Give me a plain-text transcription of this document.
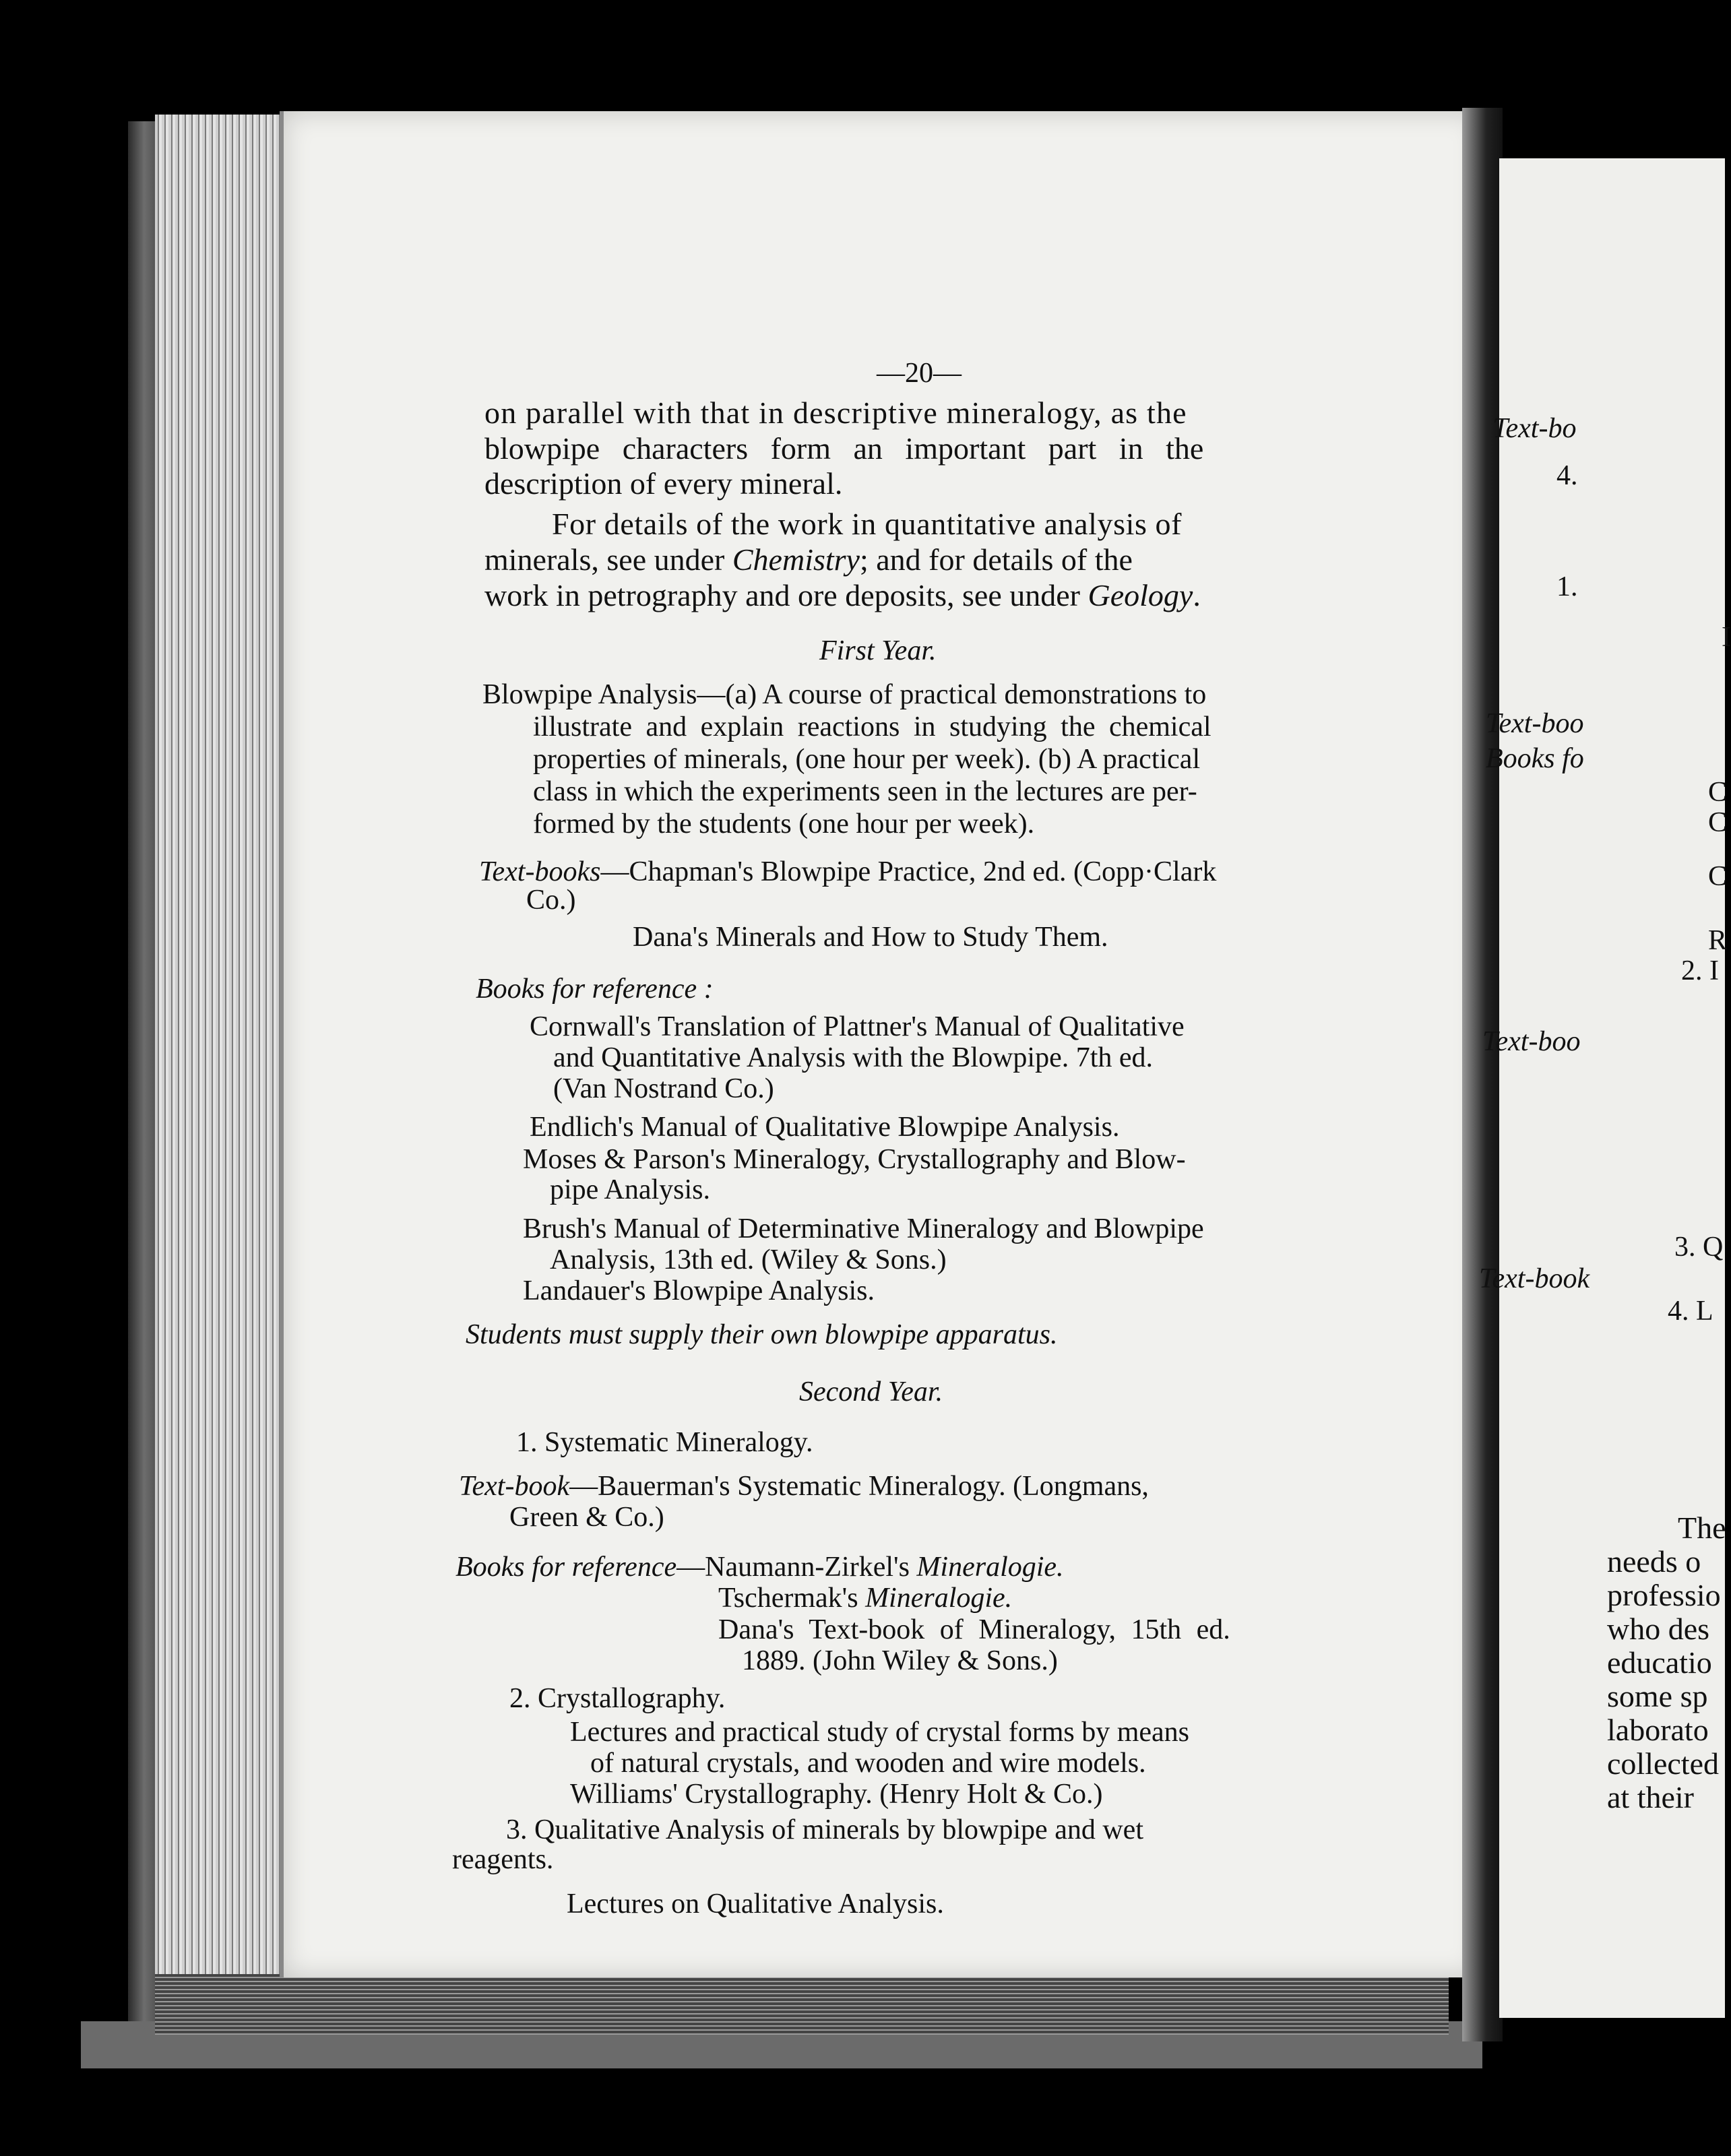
—20—
on parallel with that in descriptive mineralogy, as the
blowpipe characters form an important part in the
description of every mineral.
For details of the work in quantitative analysis of
minerals, see under Chemistry; and for details of the
work in petrography and ore deposits, see under Geology.
First Year.
Blowpipe Analysis—(a) A course of practical demonstrations to
illustrate and explain reactions in studying the chemical
properties of minerals, (one hour per week). (b) A practical
class in which the experiments seen in the lectures are per-
formed by the students (one hour per week).
Text-books—Chapman's Blowpipe Practice, 2nd ed. (Copp·Clark
Co.)
Dana's Minerals and How to Study Them.
Books for reference :
Cornwall's Translation of Plattner's Manual of Qualitative
and Quantitative Analysis with the Blowpipe. 7th ed.
(Van Nostrand Co.)
Endlich's Manual of Qualitative Blowpipe Analysis.
Moses & Parson's Mineralogy, Crystallography and Blow-
pipe Analysis.
Brush's Manual of Determinative Mineralogy and Blowpipe
Analysis, 13th ed. (Wiley & Sons.)
Landauer's Blowpipe Analysis.
Students must supply their own blowpipe apparatus.
Second Year.
1. Systematic Mineralogy.
Text-book—Bauerman's Systematic Mineralogy. (Longmans,
Green & Co.)
Books for reference—Naumann-Zirkel's Mineralogie.
Tschermak's Mineralogie.
Dana's Text-book of Mineralogy, 15th ed.
1889. (John Wiley & Sons.)
2. Crystallography.
Lectures and practical study of crystal forms by means
of natural crystals, and wooden and wire models.
Williams' Crystallography. (Henry Holt & Co.)
3. Qualitative Analysis of minerals by blowpipe and wet
reagents.
Lectures on Qualitative Analysis.
Text-bo
4.
1.
I
Text-boo
Books fo
C
C
C
R
2. I
Text-boo
3. Q
Text-book
4. L
The
needs o
professio
who des
educatio
some sp
laborato
collected
at their
